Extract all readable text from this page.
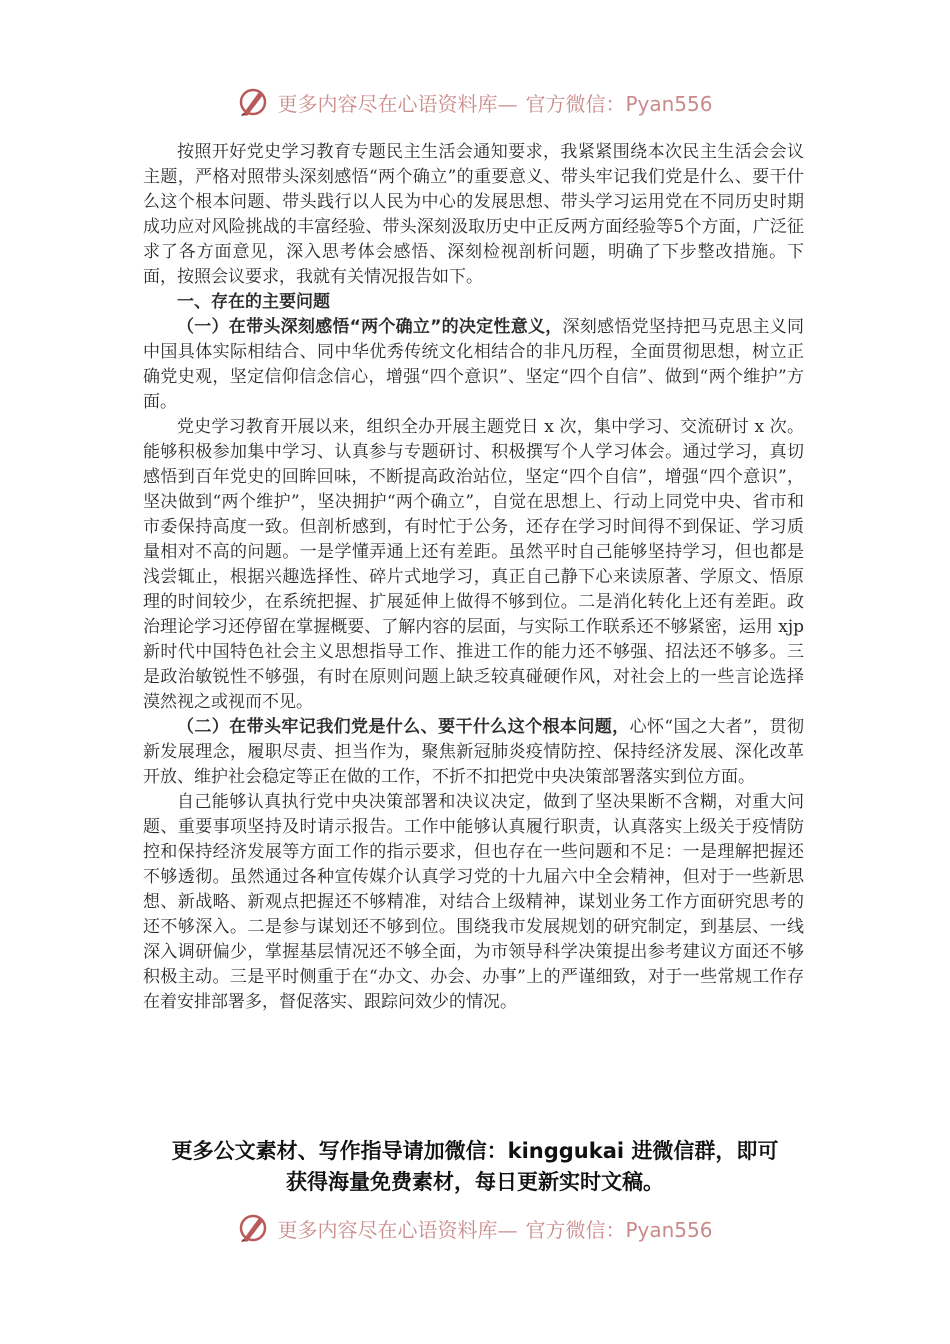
更多内容尽在心语资料库— 官方微信：Pyan556

按照开好党史学习教育专题民主生活会通知要求，我紧紧围绕本次民主生活会会议主题，严格对照带头深刻感悟“两个确立”的重要意义、带头牢记我们党是什么、要干什么这个根本问题、带头践行以人民为中心的发展思想、带头学习运用党在不同历史时期成功应对风险挑战的丰富经验、带头深刻汲取历史中正反两方面经验等5个方面，广泛征求了各方面意见，深入思考体会感悟、深刻检视剖析问题，明确了下步整改措施。下面，按照会议要求，我就有关情况报告如下。

一、存在的主要问题

（一）在带头深刻感悟“两个确立”的决定性意义，深刻感悟党坚持把马克思主义同中国具体实际相结合、同中华优秀传统文化相结合的非凡历程，全面贯彻思想，树立正确党史观，坚定信仰信念信心，增强“四个意识”、坚定“四个自信”、做到“两个维护”方面。

党史学习教育开展以来，组织全办开展主题党日 x 次，集中学习、交流研讨 x 次。能够积极参加集中学习、认真参与专题研讨、积极撰写个人学习体会。通过学习，真切感悟到百年党史的回眸回味，不断提高政治站位，坚定“四个自信”，增强“四个意识”，坚决做到“两个维护”，坚决拥护“两个确立”，自觉在思想上、行动上同党中央、省市和市委保持高度一致。但剖析感到，有时忙于公务，还存在学习时间得不到保证、学习质量相对不高的问题。一是学懂弄通上还有差距。虽然平时自己能够坚持学习，但也都是浅尝辄止，根据兴趣选择性、碎片式地学习，真正自己静下心来读原著、学原文、悟原理的时间较少，在系统把握、扩展延伸上做得不够到位。二是消化转化上还有差距。政治理论学习还停留在掌握概要、了解内容的层面，与实际工作联系还不够紧密，运用 xjp 新时代中国特色社会主义思想指导工作、推进工作的能力还不够强、招法还不够多。三是政治敏锐性不够强，有时在原则问题上缺乏较真碰硬作风，对社会上的一些言论选择漠然视之或视而不见。

（二）在带头牢记我们党是什么、要干什么这个根本问题，心怀“国之大者”，贯彻新发展理念，履职尽责、担当作为，聚焦新冠肺炎疫情防控、保持经济发展、深化改革开放、维护社会稳定等正在做的工作，不折不扣把党中央决策部署落实到位方面。

自己能够认真执行党中央决策部署和决议决定，做到了坚决果断不含糊，对重大问题、重要事项坚持及时请示报告。工作中能够认真履行职责，认真落实上级关于疫情防控和保持经济发展等方面工作的指示要求，但也存在一些问题和不足：一是理解把握还不够透彻。虽然通过各种宣传媒介认真学习党的十九届六中全会精神，但对于一些新思想、新战略、新观点把握还不够精准，对结合上级精神，谋划业务工作方面研究思考的还不够深入。二是参与谋划还不够到位。围绕我市发展规划的研究制定，到基层、一线深入调研偏少，掌握基层情况还不够全面，为市领导科学决策提出参考建议方面还不够积极主动。三是平时侧重于在“办文、办会、办事”上的严谨细致，对于一些常规工作存在着安排部署多，督促落实、跟踪问效少的情况。

更多公文素材、写作指导请加微信：kinggukai 进微信群，即可
获得海量免费素材，每日更新实时文稿。
更多内容尽在心语资料库— 官方微信：Pyan556
